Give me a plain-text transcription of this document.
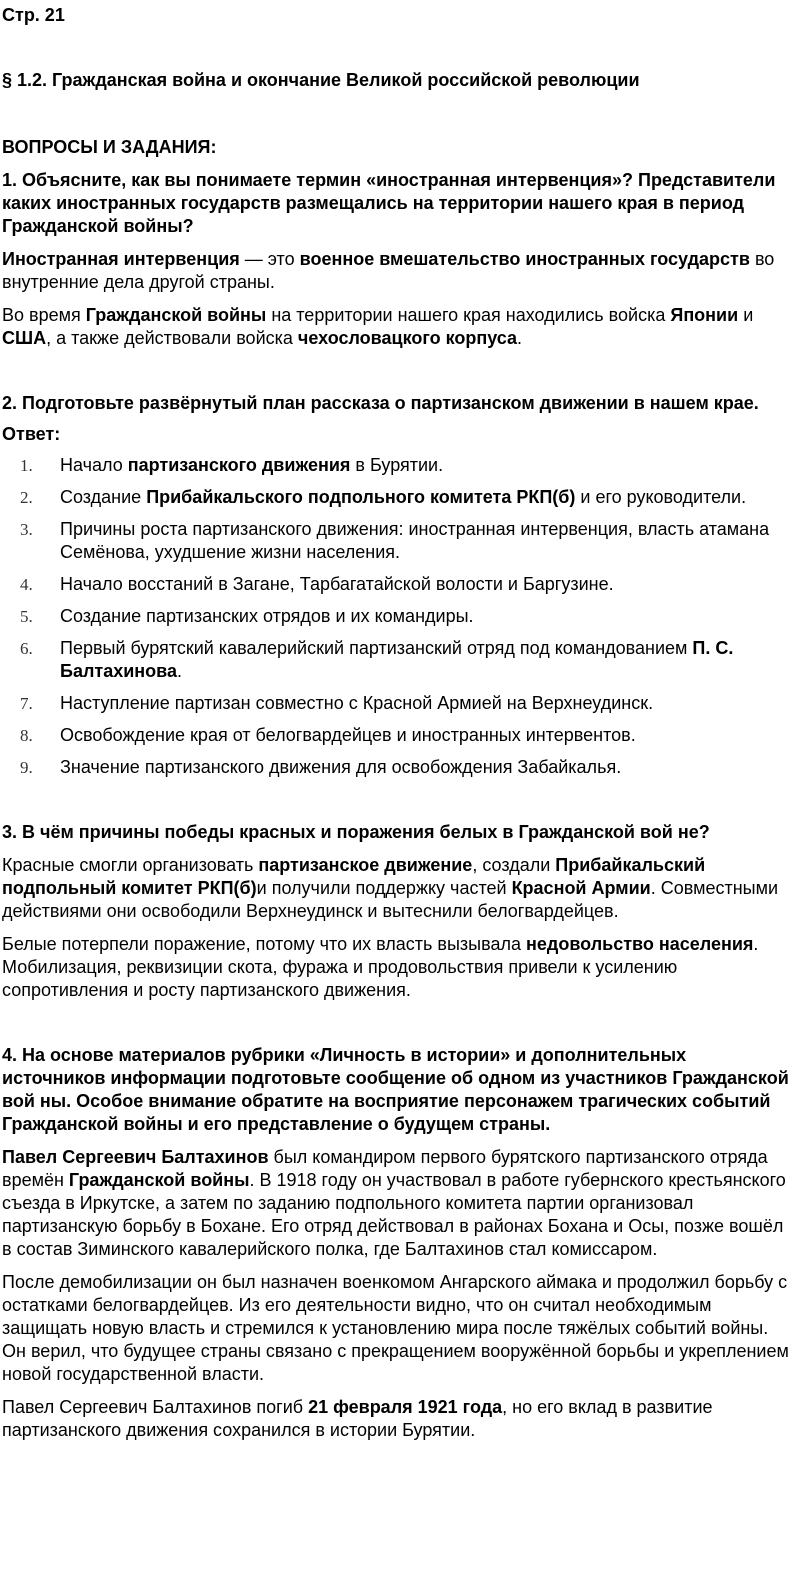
Стр. 21
§ 1.2. Гражданская война и окончание Великой российской революции
ВОПРОСЫ И ЗАДАНИЯ:
1. Объясните, как вы понимаете термин «иностранная интервенция»? Представители каких иностранных государств размещались на территории нашего края в период Гражданской войны?

Иностранная интервенция — это военное вмешательство иностранных государств во внутренние дела другой страны.

Во время Гражданской войны на территории нашего края находились войска Японии и США, а также действовали войска чехословацкого корпуса.

2. Подготовьте развёрнутый план рассказа о партизанском движении в нашем крае.
Ответ:
1.	Начало партизанского движения в Бурятии.
2.	Создание Прибайкальского подпольного комитета РКП(б) и его руководители.
3.	Причины роста партизанского движения: иностранная интервенция, власть атамана Семёнова, ухудшение жизни населения.
4.	Начало восстаний в Загане, Тарбагатайской волости и Баргузине.
5.	Создание партизанских отрядов и их командиры.
6.	Первый бурятский кавалерийский партизанский отряд под командованием П. С. Балтахинова.
7.	Наступление партизан совместно с Красной Армией на Верхнеудинск.
8.	Освобождение края от белогвардейцев и иностранных интервентов.
9.	Значение партизанского движения для освобождения Забайкалья.
3. В чём причины победы красных и поражения белых в Гражданской вой не?

Красные смогли организовать партизанское движение, создали Прибайкальский подпольный комитет РКП(б)и получили поддержку частей Красной Армии. Совместными действиями они освободили Верхнеудинск и вытеснили белогвардейцев.

Белые потерпели поражение, потому что их власть вызывала недовольство населения. Мобилизация, реквизиции скота, фуража и продовольствия привели к усилению сопротивления и росту партизанского движения.

4. На основе материалов рубрики «Личность в истории» и дополнительных источников информации подготовьте сообщение об одном из участников Гражданской вой ны. Особое внимание обратите на восприятие персонажем трагических событий Гражданской войны и его представление о будущем страны.

Павел Сергеевич Балтахинов был командиром первого бурятского партизанского отряда времён Гражданской войны. В 1918 году он участвовал в работе губернского крестьянского съезда в Иркутске, а затем по заданию подпольного комитета партии организовал партизанскую борьбу в Бохане. Его отряд действовал в районах Бохана и Осы, позже вошёл в состав Зиминского кавалерийского полка, где Балтахинов стал комиссаром.

После демобилизации он был назначен военкомом Ангарского аймака и продолжил борьбу с остатками белогвардейцев. Из его деятельности видно, что он считал необходимым защищать новую власть и стремился к установлению мира после тяжёлых событий войны. Он верил, что будущее страны связано с прекращением вооружённой борьбы и укреплением новой государственной власти.

Павел Сергеевич Балтахинов погиб 21 февраля 1921 года, но его вклад в развитие партизанского движения сохранился в истории Бурятии.
